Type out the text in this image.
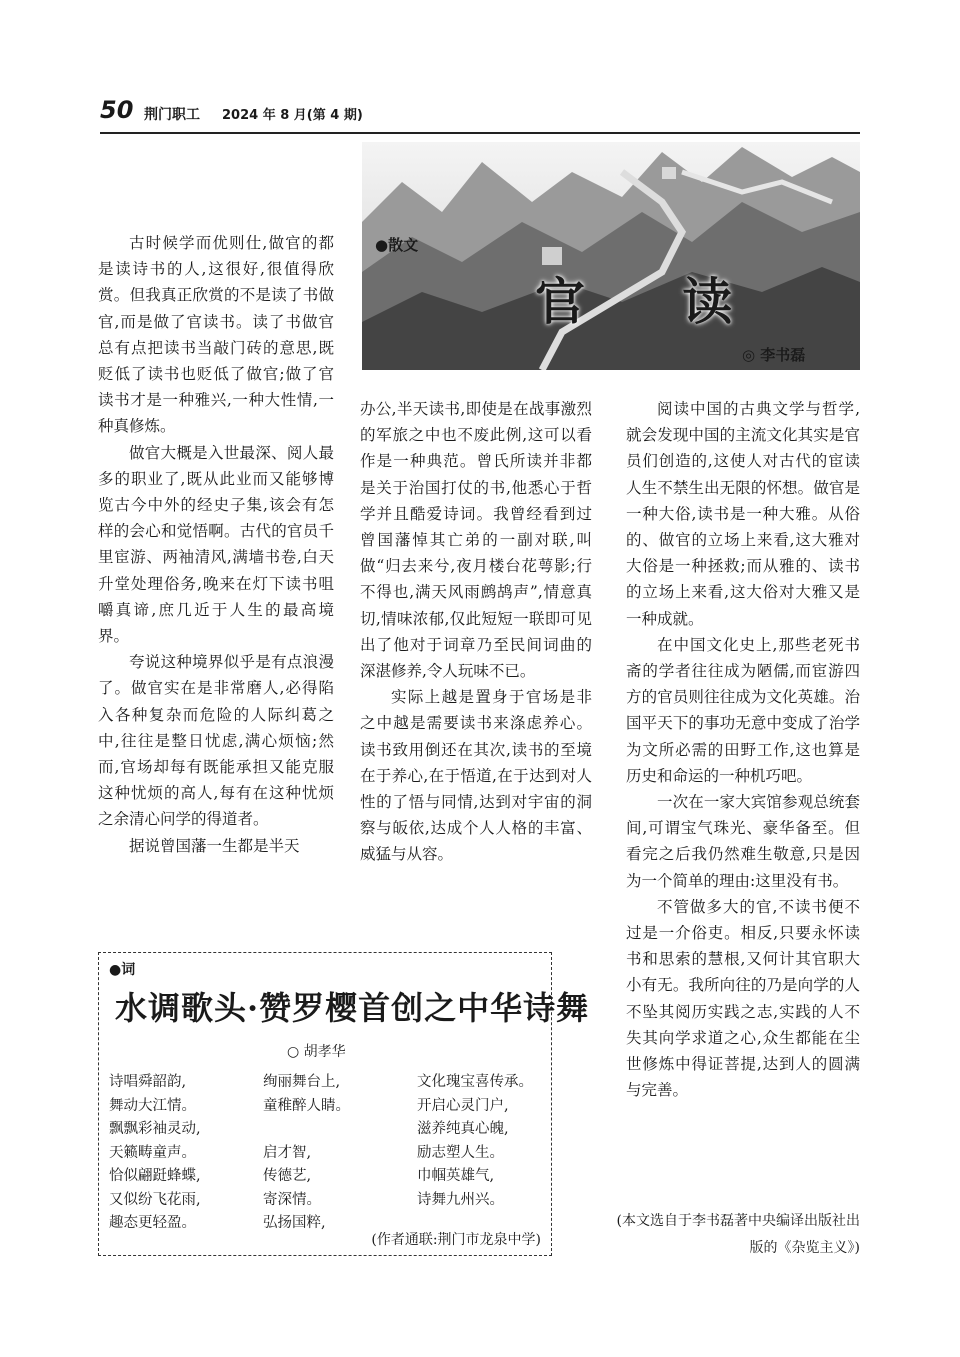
50 荆门职工 2024 年 8 月(第 4 期)
●散文
官 读
◎ 李书磊

古时候学而优则仕,做官的都是读诗书的人,这很好,很值得欣赏。但我真正欣赏的不是读了书做官,而是做了官读书。读了书做官总有点把读书当敲门砖的意思,既贬低了读书也贬低了做官;做了官读书才是一种雅兴,一种大性情,一种真修炼。

做官大概是入世最深、阅人最多的职业了,既从此业而又能够博览古今中外的经史子集,该会有怎样的会心和觉悟啊。古代的官员千里宦游、两袖清风,满墙书卷,白天升堂处理俗务,晚来在灯下读书咀嚼真谛,庶几近于人生的最高境界。

夸说这种境界似乎是有点浪漫了。做官实在是非常磨人,必得陷入各种复杂而危险的人际纠葛之中,往往是整日忧虑,满心烦恼;然而,官场却每有既能承担又能克服这种忧烦的高人,每有在这种忧烦之余清心问学的得道者。

据说曾国藩一生都是半天

办公,半天读书,即使是在战事激烈的军旅之中也不废此例,这可以看作是一种典范。曾氏所读并非都是关于治国打仗的书,他悉心于哲学并且酷爱诗词。我曾经看到过曾国藩悼其亡弟的一副对联,叫做“归去来兮,夜月楼台花萼影;行不得也,满天风雨鹧鸪声”,情意真切,情味浓郁,仅此短短一联即可见出了他对于词章乃至民间词曲的深湛修养,令人玩味不已。

实际上越是置身于官场是非之中越是需要读书来涤虑养心。读书致用倒还在其次,读书的至境在于养心,在于悟道,在于达到对人性的了悟与同情,达到对宇宙的洞察与皈依,达成个人人格的丰富、威猛与从容。

阅读中国的古典文学与哲学,就会发现中国的主流文化其实是官员们创造的,这使人对古代的宦读人生不禁生出无限的怀想。做官是一种大俗,读书是一种大雅。从俗的、做官的立场上来看,这大雅对大俗是一种拯救;而从雅的、读书的立场上来看,这大俗对大雅又是一种成就。

在中国文化史上,那些老死书斋的学者往往成为陋儒,而宦游四方的官员则往往成为文化英雄。治国平天下的事功无意中变成了治学为文所必需的田野工作,这也算是历史和命运的一种机巧吧。

一次在一家大宾馆参观总统套间,可谓宝气珠光、豪华备至。但看完之后我仍然难生敬意,只是因为一个简单的理由:这里没有书。

不管做多大的官,不读书便不过是一介俗吏。相反,只要永怀读书和思索的慧根,又何计其官职大小有无。我所向往的乃是向学的人不坠其阅历实践之志,实践的人不失其向学求道之心,众生都能在尘世修炼中得证菩提,达到人的圆满与完善。

(本文选自于李书磊著中央编译出版社出版的《杂览主义》)
●词
水调歌头·赞罗樱首创之中华诗舞
○ 胡孝华
诗唱舜韶韵,
舞动大江情。
飘飘彩袖灵动,
天籁畴童声。
恰似翩跹蜂蝶,
又似纷飞花雨,
趣态更轻盈。
绚丽舞台上,
童稚醉人睛。

启才智,
传德艺,
寄深情。
弘扬国粹,
文化瑰宝喜传承。
开启心灵门户,
滋养纯真心魄,
励志塑人生。
巾帼英雄气,
诗舞九州兴。
(作者通联:荆门市龙泉中学)
